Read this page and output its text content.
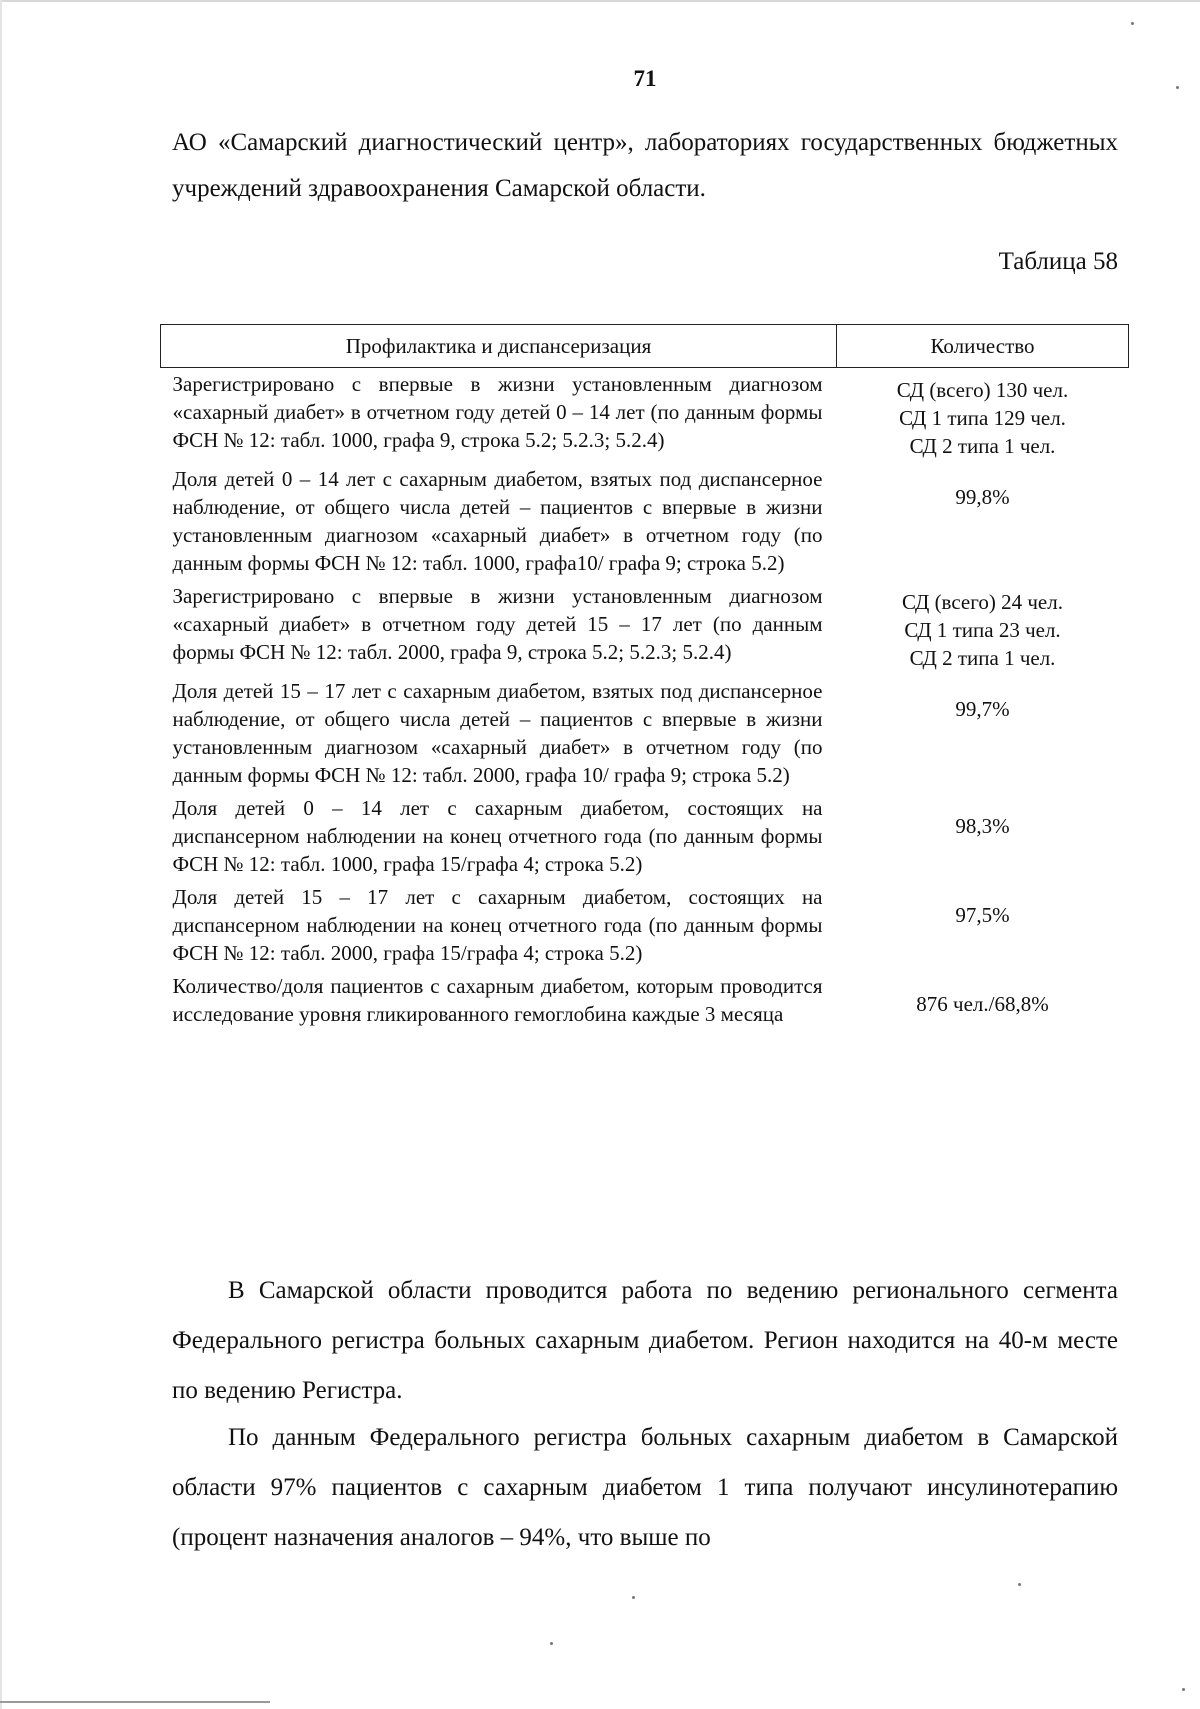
71

АО «Самарский диагностический центр», лабораториях государственных бюджетных учреждений здравоохранения Самарской области.

Таблица 58
Профилактика и диспансеризация	Количество
Зарегистрировано с впервые в жизни установленным диагнозом «сахарный диабет» в отчетном году детей 0 – 14 лет (по данным формы ФСН № 12: табл. 1000, графа 9, строка 5.2; 5.2.3; 5.2.4)	СД (всего) 130 чел.
СД 1 типа 129 чел.
СД 2 типа 1 чел.

Доля детей 0 – 14 лет с сахарным диабетом, взятых под диспансерное наблюдение, от общего числа детей – пациентов с впервые в жизни установленным диагнозом «сахарный диабет» в отчетном году (по данным формы ФСН № 12: табл. 1000, графа10/ графа 9; строка 5.2)	99,8%

Зарегистрировано с впервые в жизни установленным диагнозом «сахарный диабет» в отчетном году детей 15 – 17 лет (по данным формы ФСН № 12: табл. 2000, графа 9, строка 5.2; 5.2.3; 5.2.4)	СД (всего) 24 чел.
СД 1 типа 23 чел.
СД 2 типа 1 чел.

Доля детей 15 – 17 лет с сахарным диабетом, взятых под диспансерное наблюдение, от общего числа детей – пациентов с впервые в жизни установленным диагнозом «сахарный диабет» в отчетном году (по данным формы ФСН № 12: табл. 2000, графа 10/ графа 9; строка 5.2)	99,7%

Доля детей 0 – 14 лет с сахарным диабетом, состоящих на диспансерном наблюдении на конец отчетного года (по данным формы ФСН № 12: табл. 1000, графа 15/графа 4; строка 5.2)	98,3%

Доля детей 15 – 17 лет с сахарным диабетом, состоящих на диспансерном наблюдении на конец отчетного года (по данным формы ФСН № 12: табл. 2000, графа 15/графа 4; строка 5.2)	97,5%

Количество/доля пациентов с сахарным диабетом, которым проводится исследование уровня гликированного гемоглобина каждые 3 месяца	876 чел./68,8%

В Самарской области проводится работа по ведению регионального сегмента Федерального регистра больных сахарным диабетом. Регион находится на 40-м месте по ведению Регистра.

По данным Федерального регистра больных сахарным диабетом в Самарской области 97% пациентов с сахарным диабетом 1 типа получают инсулинотерапию (процент назначения аналогов – 94%, что выше по
